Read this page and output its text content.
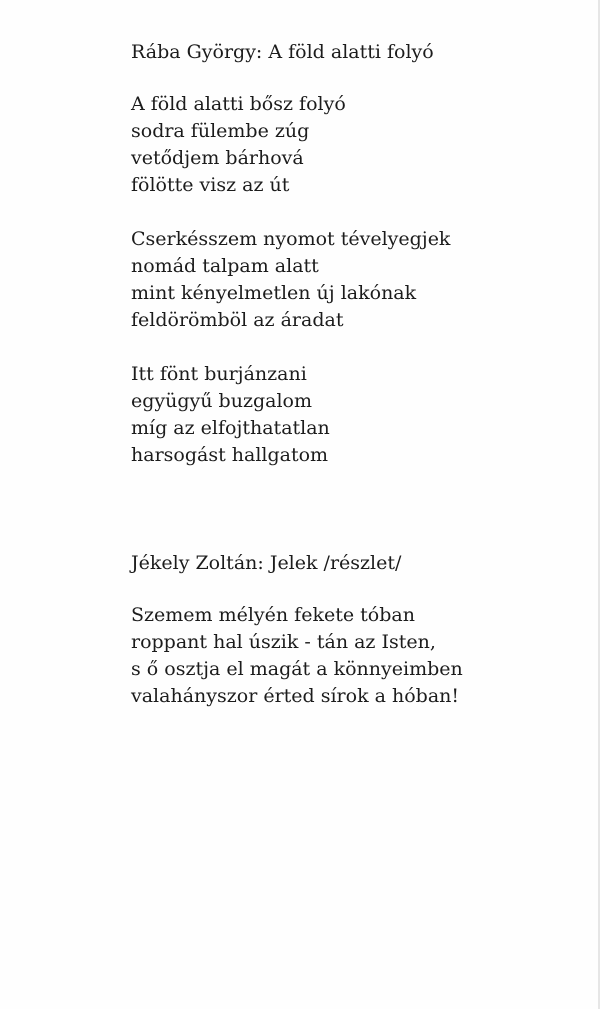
Rába György: A föld alatti folyó
A föld alatti bősz folyó
sodra fülembe zúg
vetődjem bárhová
fölötte visz az út
Cserkésszem nyomot tévelyegjek
nomád talpam alatt
mint kényelmetlen új lakónak
feldörömböl az áradat
Itt fönt burjánzani
együgyű buzgalom
míg az elfojthatatlan
harsogást hallgatom
Jékely Zoltán: Jelek /részlet/
Szemem mélyén fekete tóban
roppant hal úszik - tán az Isten,
s ő osztja el magát a könnyeimben
valahányszor érted sírok a hóban!
